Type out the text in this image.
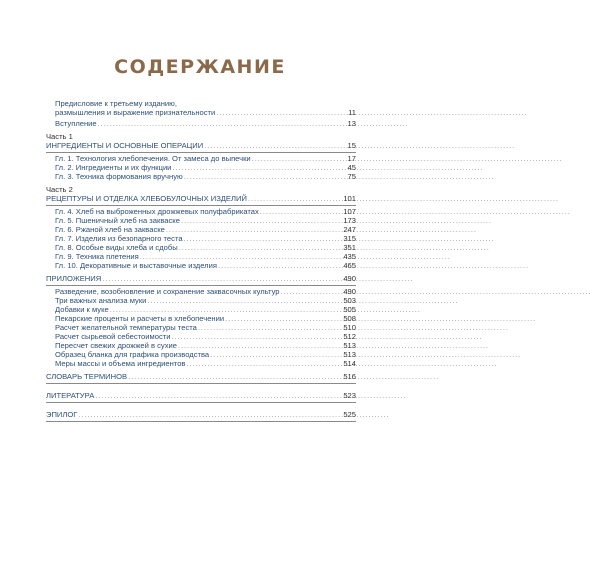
СОДЕРЖАНИЕ
Предисловие к третьему изданию,
размышления и выражение признательности . . .	11
Вступление . . .	13
Часть 1
ИНГРЕДИЕНТЫ И ОСНОВНЫЕ ОПЕРАЦИИ . . .	15
Гл. 1. Технология хлебопечения. От замеса до выпечки . . .	17
Гл. 2. Ингредиенты и их функции . . .	45
Гл. 3. Техника формования вручную . . .	75
Часть 2
РЕЦЕПТУРЫ И ОТДЕЛКА ХЛЕБОБУЛОЧНЫХ ИЗДЕЛИЙ . . .	101
Гл. 4. Хлеб на выброженных дрожжевых полуфабрикатах . . .	107
Гл. 5. Пшеничный хлеб на закваске . . .	173
Гл. 6. Ржаной хлеб на закваске . . .	247
Гл. 7. Изделия из безопарного теста . . .	315
Гл. 8. Особые виды хлеба и сдобы . . .	351
Гл. 9. Техника плетения . . .	435
Гл. 10. Декоративные и выставочные изделия . . .	465
ПРИЛОЖЕНИЯ . . .	490
Разведение, возобновление и сохранение заквасочных культур . . .	490
Три важных анализа муки . . .	503
Добавки к муке . . .	505
Пекарские проценты и расчеты в хлебопечении . . .	508
Расчет желательной температуры теста . . .	510
Расчет сырьевой себестоимости . . .	512
Пересчет свежих дрожжей в сухие . . .	513
Образец бланка для графика производства . . .	513
Меры массы и объема ингредиентов . . .	514
СЛОВАРЬ ТЕРМИНОВ . . .	516
ЛИТЕРАТУРА . . .	523
ЭПИЛОГ . . .	525
